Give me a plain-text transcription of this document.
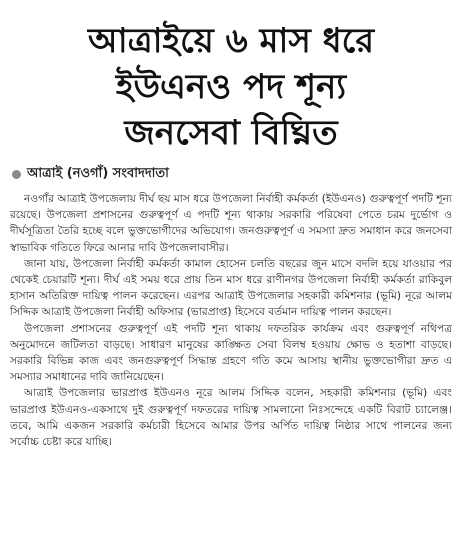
আত্রাইয়ে ৬ মাস ধরে
ইউএনও পদ শূন্য
জনসেবা বিঘ্নিত
আত্রাই (নওগাঁ) সংবাদদাতা

নওগাঁর আত্রাই উপজেলায় দীর্ঘ ছয় মাস ধরে উপজেলা নির্বাহী কর্মকর্তা (ইউএনও) গুরুত্বপূর্ণ পদটি শূন্য রয়েছে। উপজেলা প্রশাসনের গুরুত্বপূর্ণ এ পদটি শূন্য থাকায় সরকারি পরিষেবা পেতে চরম দুর্ভোগ ও দীর্ঘসূত্রিতা তৈরি হচ্ছে বলে ভুক্তভোগীদের অভিযোগ। জনগুরুত্বপূর্ণ এ সমস্যা দ্রুত সমাধান করে জনসেবা স্বাভাবিক গতিতে ফিরে আনার দাবি উপজেলাবাসীর।

জানা যায়, উপজেলা নির্বাহী কর্মকর্তা কামাল হোসেন চলতি বছরের জুন মাসে বদলি হয়ে যাওয়ার পর থেকেই চেয়ারটি শূন্য। দীর্ঘ এই সময় ধরে প্রায় তিন মাস ধরে রাণীনগর উপজেলা নির্বাহী কর্মকর্তা রাকিবুল হাসান অতিরিক্ত দায়িত্ব পালন করেছেন। এরপর আত্রাই উপজেলার সহকারী কমিশনার (ভূমি) নূরে আলম সিদ্দিক আত্রাই উপজেলা নির্বাহী অফিসার (ভারপ্রাপ্ত) হিসেবে বর্তমান দায়িত্ব পালন করছেন।

উপজেলা প্রশাসনের গুরুত্বপূর্ণ এই পদটি শূন্য থাকায় দফতরিক কার্যক্রম এবং গুরুত্বপূর্ণ নথিপত্র অনুমোদনে জটিলতা বাড়ছে। সাধারণ মানুষের কাঙ্ক্ষিত সেবা বিলম্ব হওয়ায় ক্ষোভ ও হতাশা বাড়ছে। সরকারি বিভিন্ন কাজ এবং জনগুরুত্বপূর্ণ সিদ্ধান্ত গ্রহণে গতি কমে আসায় স্থানীয় ভুক্তভোগীরা দ্রুত এ সমস্যার সমাধানের দাবি জানিয়েছেন।

আত্রাই উপজেলার ভারপ্রাপ্ত ইউএনও নূরে আলম সিদ্দিক বলেন, সহকারী কমিশনার (ভূমি) এবং ভারপ্রাপ্ত ইউএনও-একসাথে দুই গুরুত্বপূর্ণ দফতরের দায়িত্ব সামলানো নিঃসন্দেহে একটি বিরাট চ্যালেঞ্জ। তবে, আমি একজন সরকারি কর্মচারী হিসেবে আমার উপর অর্পিত দায়িত্ব নিষ্ঠার সাথে পালনের জন্য সর্বোচ্চ চেষ্টা করে যাচ্ছি।
